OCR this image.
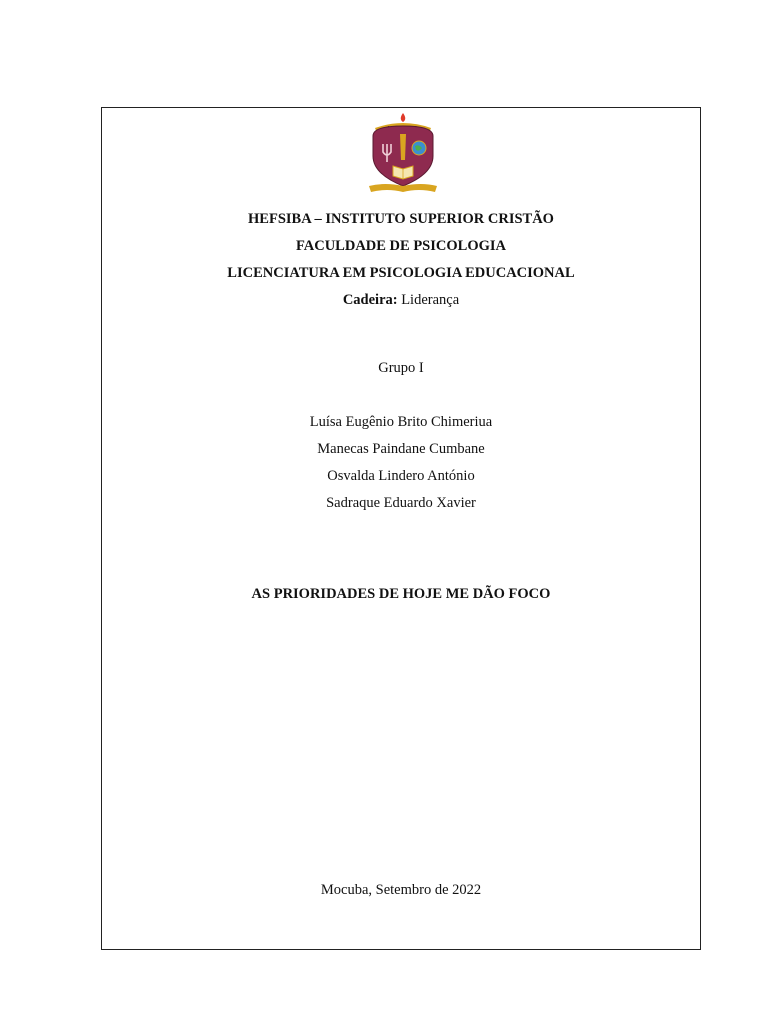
HEFSIBA – INSTITUTO SUPERIOR CRISTÃO
FACULDADE DE PSICOLOGIA
LICENCIATURA EM PSICOLOGIA EDUCACIONAL
Cadeira: Liderança
Grupo I
Luísa Eugênio Brito Chimeriua
Manecas Paindane Cumbane
Osvalda Lindero António
Sadraque Eduardo Xavier
AS PRIORIDADES DE HOJE ME DÃO FOCO
Mocuba, Setembro de 2022
